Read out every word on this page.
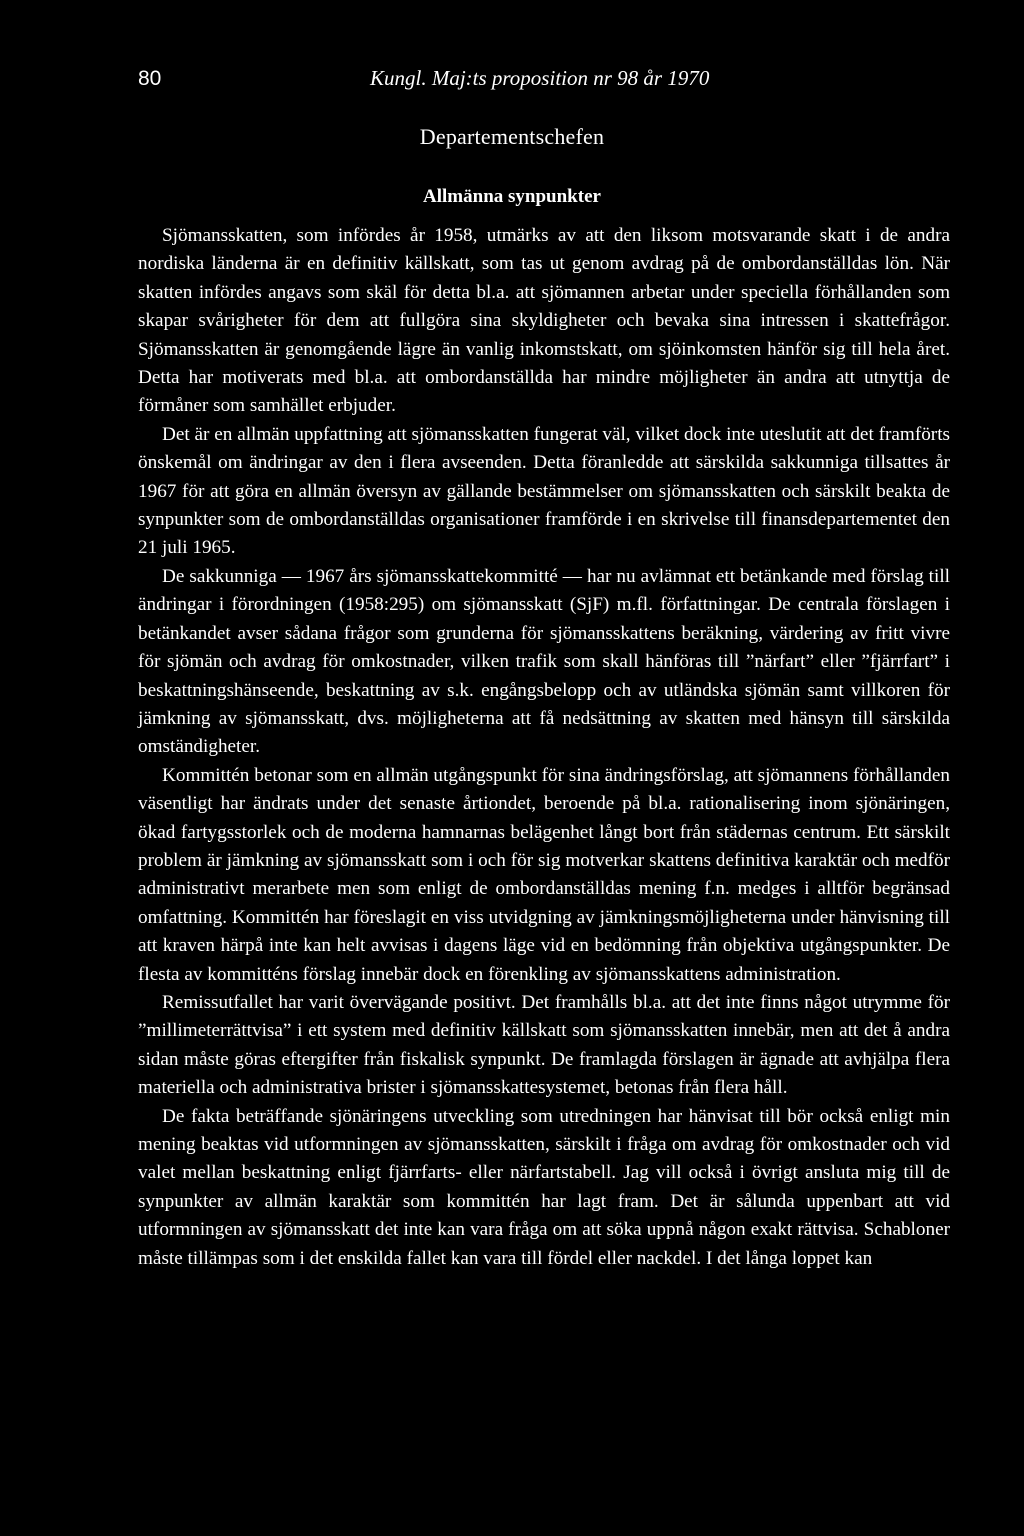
80	Kungl. Maj:ts proposition nr 98 år 1970
Departementschefen
Allmänna synpunkter

Sjömansskatten, som infördes år 1958, utmärks av att den liksom motsvarande skatt i de andra nordiska länderna är en definitiv källskatt, som tas ut genom avdrag på de ombordanställdas lön. När skatten infördes angavs som skäl för detta bl.a. att sjömannen arbetar under speciella förhållanden som skapar svårigheter för dem att fullgöra sina skyldigheter och bevaka sina intressen i skattefrågor. Sjömansskatten är genomgående lägre än vanlig inkomstskatt, om sjöinkomsten hänför sig till hela året. Detta har motiverats med bl.a. att ombordanställda har mindre möjligheter än andra att utnyttja de förmåner som samhället erbjuder.

Det är en allmän uppfattning att sjömansskatten fungerat väl, vilket dock inte uteslutit att det framförts önskemål om ändringar av den i flera avseenden. Detta föranledde att särskilda sakkunniga tillsattes år 1967 för att göra en allmän översyn av gällande bestämmelser om sjömansskatten och särskilt beakta de synpunkter som de ombordanställdas organisationer framförde i en skrivelse till finansdepartementet den 21 juli 1965.

De sakkunniga — 1967 års sjömansskattekommitté — har nu avlämnat ett betänkande med förslag till ändringar i förordningen (1958:295) om sjömansskatt (SjF) m.fl. författningar. De centrala förslagen i betänkandet avser sådana frågor som grunderna för sjömansskattens beräkning, värdering av fritt vivre för sjömän och avdrag för omkostnader, vilken trafik som skall hänföras till ”närfart” eller ”fjärrfart” i beskattningshänseende, beskattning av s.k. engångsbelopp och av utländska sjömän samt villkoren för jämkning av sjömansskatt, dvs. möjligheterna att få nedsättning av skatten med hänsyn till särskilda omständigheter.

Kommittén betonar som en allmän utgångspunkt för sina ändringsförslag, att sjömannens förhållanden väsentligt har ändrats under det senaste årtiondet, beroende på bl.a. rationalisering inom sjönäringen, ökad fartygsstorlek och de moderna hamnarnas belägenhet långt bort från städernas centrum. Ett särskilt problem är jämkning av sjömansskatt som i och för sig motverkar skattens definitiva karaktär och medför administrativt merarbete men som enligt de ombordanställdas mening f.n. medges i alltför begränsad omfattning. Kommittén har föreslagit en viss utvidgning av jämkningsmöjligheterna under hänvisning till att kraven härpå inte kan helt avvisas i dagens läge vid en bedömning från objektiva utgångspunkter. De flesta av kommitténs förslag innebär dock en förenkling av sjömansskattens administration.

Remissutfallet har varit övervägande positivt. Det framhålls bl.a. att det inte finns något utrymme för ”millimeterrättvisa” i ett system med definitiv källskatt som sjömansskatten innebär, men att det å andra sidan måste göras eftergifter från fiskalisk synpunkt. De framlagda förslagen är ägnade att avhjälpa flera materiella och administrativa brister i sjömansskattesystemet, betonas från flera håll.

De fakta beträffande sjönäringens utveckling som utredningen har hänvisat till bör också enligt min mening beaktas vid utformningen av sjömansskatten, särskilt i fråga om avdrag för omkostnader och vid valet mellan beskattning enligt fjärrfarts- eller närfartstabell. Jag vill också i övrigt ansluta mig till de synpunkter av allmän karaktär som kommittén har lagt fram. Det är sålunda uppenbart att vid utformningen av sjömansskatt det inte kan vara fråga om att söka uppnå någon exakt rättvisa. Schabloner måste tillämpas som i det enskilda fallet kan vara till fördel eller nackdel. I det långa loppet kan
